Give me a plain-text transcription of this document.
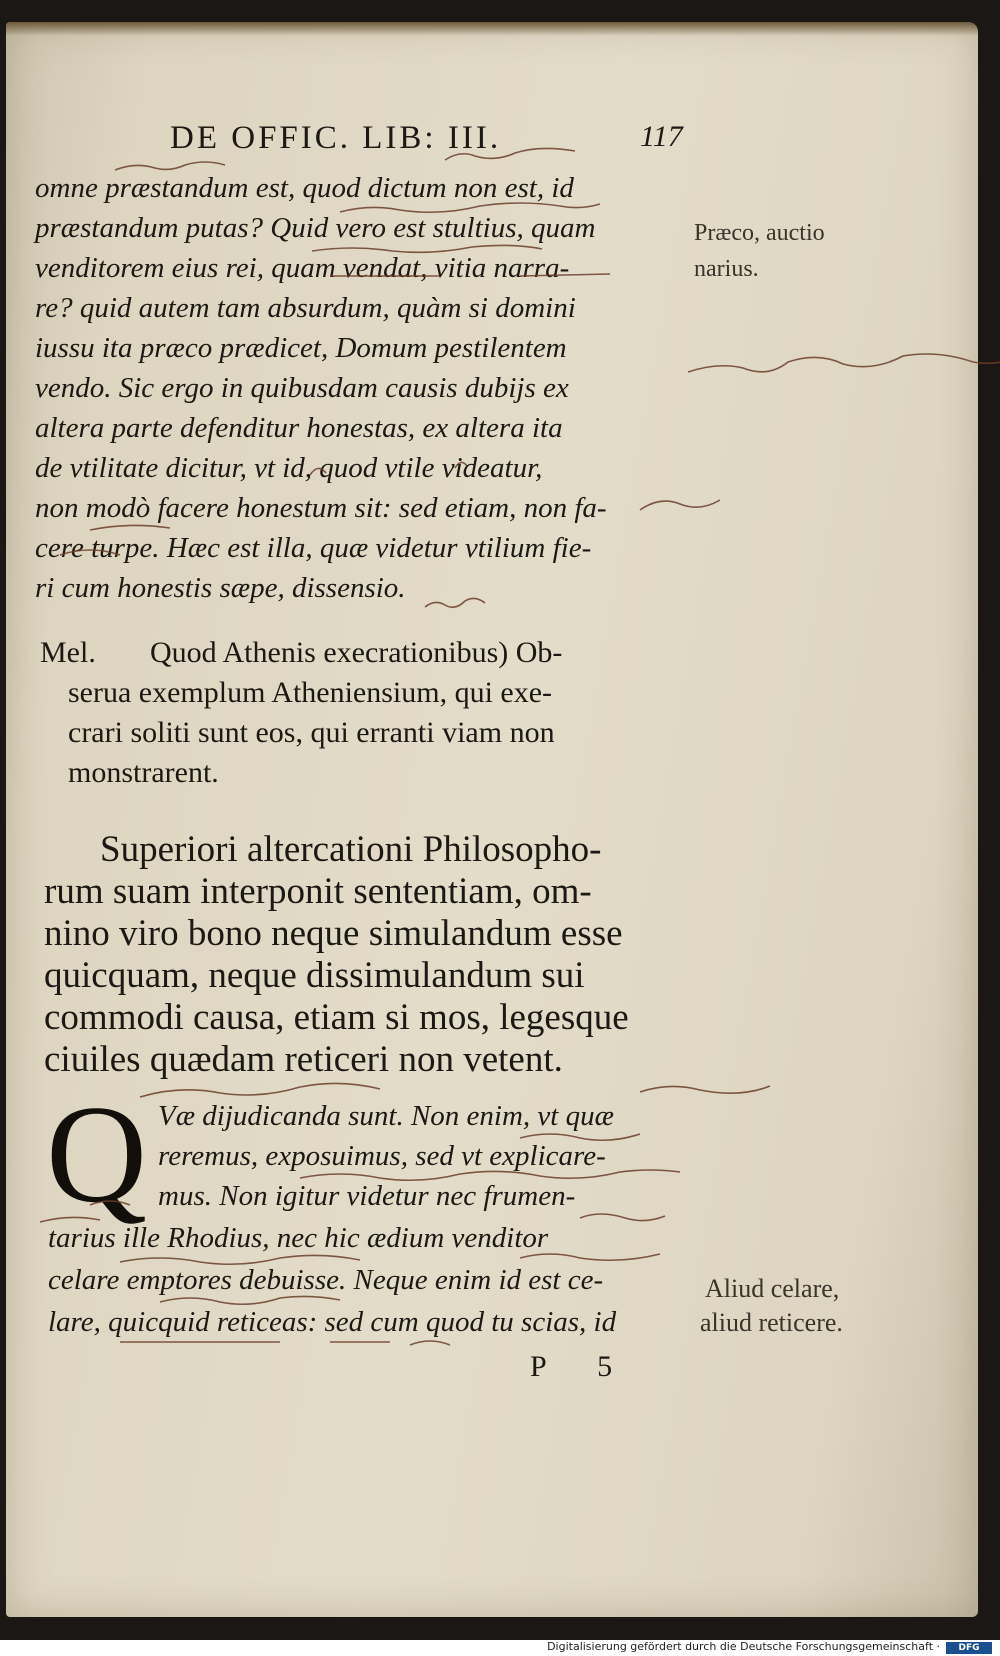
DE OFFIC. LIB: III.	117
omne præstandum est, quod dictum non est, id
præstandum putas? Quid vero est stultius, quam
venditorem eius rei, quam vendat, vitia narra-
re? quid autem tam absurdum, quàm si domini
iussu ita præco prædicet, Domum pestilentem
vendo. Sic ergo in quibusdam causis dubijs ex
altera parte defenditur honestas, ex altera ita
de vtilitate dicitur, vt id, quod vtile videatur,
non modò facere honestum sit: sed etiam, non fa-
cere turpe. Hæc est illa, quæ videtur vtilium fie-
ri cum honestis sæpe, dissensio.
Præco, auctio
narius.
Mel. Quod Athenis execrationibus) Ob-
serua exemplum Atheniensium, qui exe-
crari soliti sunt eos, qui erranti viam non
monstrarent.
Superiori altercationi Philosopho-
rum suam interponit sententiam, om-
nino viro bono neque simulandum esse
quicquam, neque dissimulandum sui
commodi causa, etiam si mos, legesque
ciuiles quædam reticeri non vetent.
Q Væ dijudicanda sunt. Non enim, vt quæ
reremus, exposuimus, sed vt explicare-
mus. Non igitur videtur nec frumen-
tarius ille Rhodius, nec hic ædium venditor
celare emptores debuisse. Neque enim id est ce-
lare, quicquid reticeas: sed cum quod tu scias, id
Aliud celare,
aliud reticere.
P 5
Digitalisierung gefördert durch die Deutsche Forschungsgemeinschaft ·	DFG
